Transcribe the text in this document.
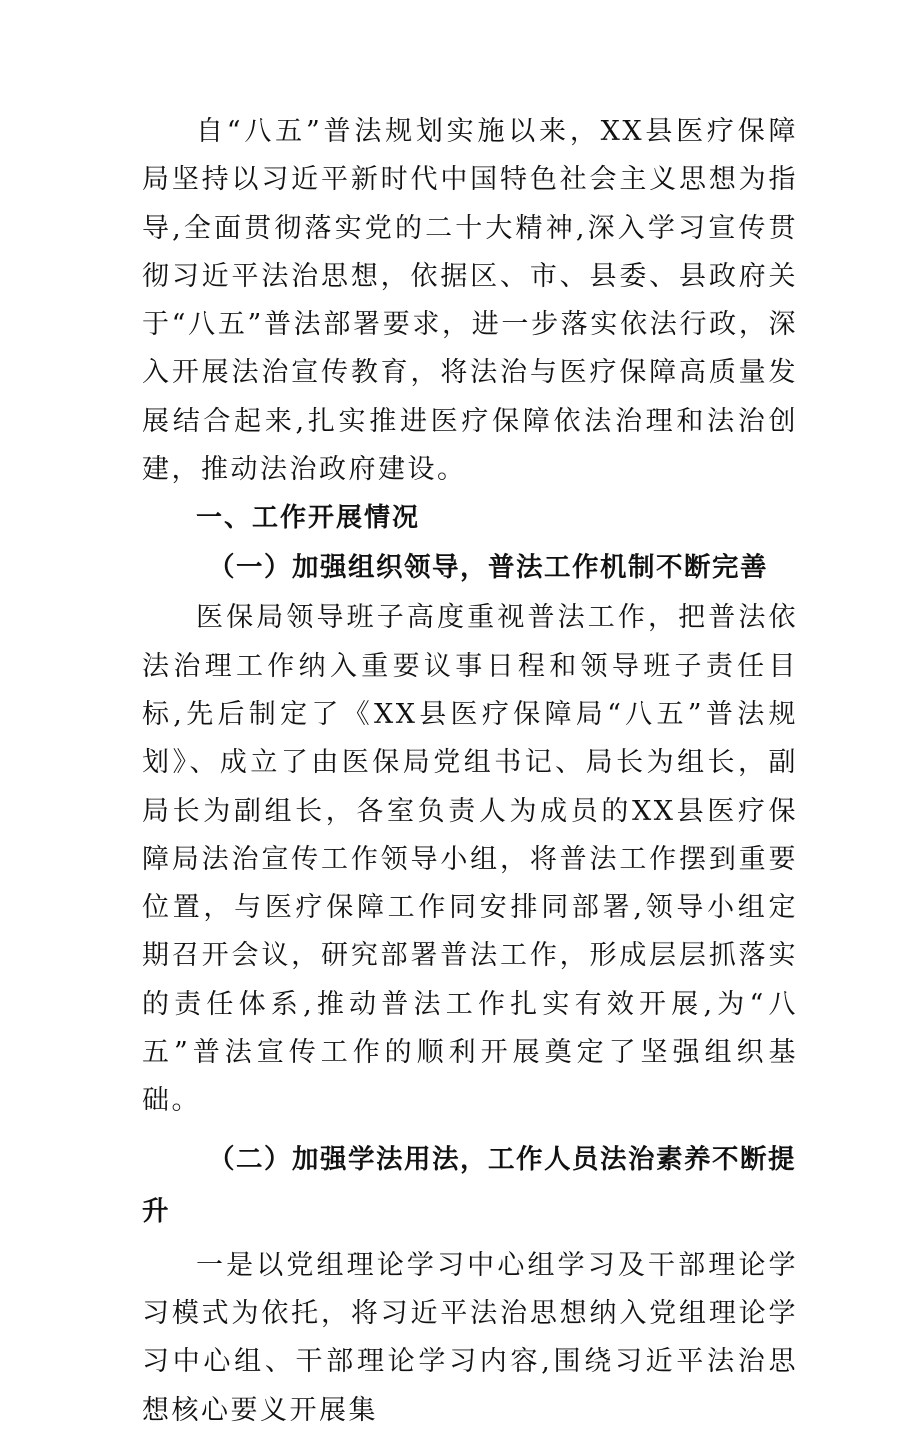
自“八五”普法规划实施以来，XX县医疗保障局坚持以习近平新时代中国特色社会主义思想为指导,全面贯彻落实党的二十大精神,深入学习宣传贯彻习近平法治思想，依据区、市、县委、县政府关于“八五”普法部署要求，进一步落实依法行政，深入开展法治宣传教育，将法治与医疗保障高质量发展结合起来,扎实推进医疗保障依法治理和法治创建，推动法治政府建设。

一、工作开展情况

（一）加强组织领导，普法工作机制不断完善

医保局领导班子高度重视普法工作，把普法依法治理工作纳入重要议事日程和领导班子责任目标,先后制定了《XX县医疗保障局“八五”普法规划》、成立了由医保局党组书记、局长为组长，副局长为副组长，各室负责人为成员的XX县医疗保障局法治宣传工作领导小组，将普法工作摆到重要位置，与医疗保障工作同安排同部署,领导小组定期召开会议，研究部署普法工作，形成层层抓落实的责任体系,推动普法工作扎实有效开展,为“八五”普法宣传工作的顺利开展奠定了坚强组织基础。

（二）加强学法用法，工作人员法治素养不断提升

一是以党组理论学习中心组学习及干部理论学习模式为依托，将习近平法治思想纳入党组理论学习中心组、干部理论学习内容,围绕习近平法治思想核心要义开展集
